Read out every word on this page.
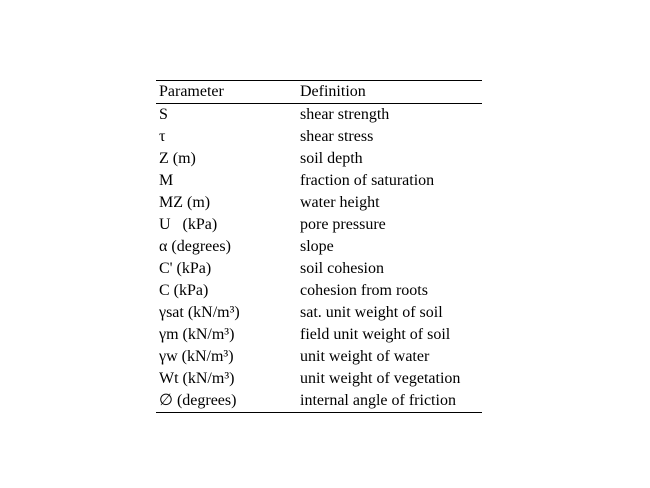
Parameter	Definition
S	shear strength
τ	shear stress
Z (m)	soil depth
M	fraction of saturation
MZ (m)	water height
U   (kPa)	pore pressure
α (degrees)	slope
C' (kPa)	soil cohesion
C (kPa)	cohesion from roots
γsat (kN/m³)	sat. unit weight of soil
γm (kN/m³)	field unit weight of soil
γw (kN/m³)	unit weight of water
Wt (kN/m³)	unit weight of vegetation
∅ (degrees)	internal angle of friction
